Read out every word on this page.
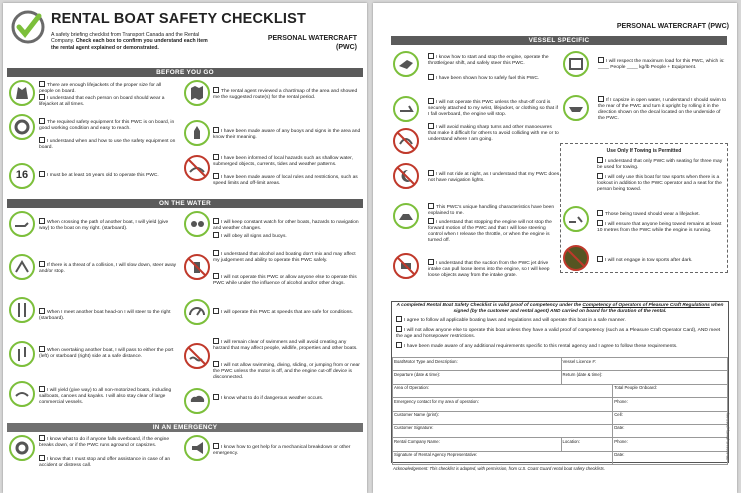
RENTAL BOAT SAFETY CHECKLIST
A safety briefing checklist from Transport Canada and the Rental Company. Check each box to confirm you understand each item the rental agent explained or demonstrated.
PERSONAL WATERCRAFT (PWC)
BEFORE YOU GO
There are enough lifejackets of the proper size for all people on board.
I understand that each person on board should wear a lifejacket at all times.
The required safety equipment for this PWC is on board, in good working condition and easy to reach.
I understand when and how to use the safety equipment on board.
16	I must be at least 16 years old to operate this PWC.
The rental agent reviewed a chart/map of the area and showed me the suggested route(s) for the rental period.
I have been made aware of any buoys and signs in the area and know their meaning.
I have been informed of local hazards such as shallow water, submerged objects, currents, tides and weather patterns.
I have been made aware of local rules and restrictions, such as speed limits and off-limit areas.
ON THE WATER
When crossing the path of another boat, I will yield (give way) to the boat on my right. (starboard).
If there is a threat of a collision, I will slow down, steer away and/or stop.
When I meet another boat head-on I will steer to the right (starboard).
When overtaking another boat, I will pass to either the port (left) or starboard (right) side at a safe distance.
I will yield (give way) to all non-motorized boats, including sailboats, canoes and kayaks. I will also stay clear of large commercial vessels.
I will keep constant watch for other boats, hazards to navigation and weather changes.
I will obey all signs and buoys.
I understand that alcohol and boating don't mix and may affect my judgement and ability to operate this PWC safely.
I will not operate this PWC or allow anyone else to operate this PWC while under the influence of alcohol and/or other drugs.
I will operate this PWC at speeds that are safe for conditions.
I will remain clear of swimmers and will avoid creating any harzard that may affect people, wildlife, properties and other boats.
I will not allow swimming, diving, sliding, or jumping from or near the PWC unless the motor is off, and the engine cut-off device is disconnected.
I know what to do if dangerous weather occurs.
IN AN EMERGENCY
I know what to do if anyone falls overboard, if the engine breaks down, or if the PWC runs aground or capsizes.
I know that I must stop and offer assistance in case of an accident or distress call.
I know how to get help for a mechanical breakdown or other emergency.
PERSONAL WATERCRAFT (PWC)
VESSEL SPECIFIC
I know how to start and stop the engine, operate the throttle/gear shift, and safely steer this PWC.
I have been shown how to safely fuel this PWC.
I will not operate this PWC unless the shut-off cord is securely attached to my wrist, lifejacket, or clothing so that if I fall overboard, the engine will stop.
I will avoid making sharp turns and other manoeuvres that make it difficult for others to avoid colliding with me or to understand where I am going.
I will not ride at night, as I understand that my PWC does not have navigation lights.
This PWC's unique handling characteristics have been explained to me.
I understand that stopping the engine will not stop the forward motion of the PWC and that I will lose steering control when I release the throttle, or when the engine is turned off.
I understand that the suction from the PWC jet drive intake can pull loose items into the engine, so I will keep loose objects away from the intake grate.
I will respect the maximum load for this PWC, which is: ____ People ____ kg/lb People + Equipment.
If I capsize in open water, I understand I should swim to the rear of the PWC and turn it upright by rolling it in the direction shown on the decal located on the underside of the PWC.
Use Only If Towing is Permitted
I understand that only PWC with seating for three may be used for towing.
I will only use this boat for tow sports when there is a lookout in addition to the PWC operator and a seat for the person being towed.
Those being towed should wear a lifejacket.
I will ensure that anyone being towed remains at least 10 metres from the PWC while the engine is running.
I will not engage in tow sports after dark.
A completed Rental Boat Safety Checklist is valid proof of competency under the Competency of Operators of Pleasure Craft Regulations when signed (by the customer and rental agent) AND carried on board for the duration of the rental.
I agree to follow all applicable boating laws and regulations and will operate this boat in a safe manner.
I will not allow anyone else to operate this boat unless they have a valid proof of competency (such as a Pleasure Craft Operator Card), AND meet the age and horsepower restrictions.
I have been made aware of any additional requirements specific to this rental agency and I agree to follow these requirements.
Boat/Motor Type and Description:	Vessel Licence #:	
Departure (date & time):	Return (date & time):	
Area of Operation:		Total People Onboard:
Emergency contact for my area of operation:		Phone:
Customer Name (print):		Cell:
Customer Signature:		Date:
Rental Company Name:	Location:	Phone:
Signature of Rental Agency Representative:		Date:
Acknowledgement: This checklist is adapted, with permission, from U.S. Coast Guard rental boat safety checklists.
TP 15211 E (PWC) (2017-06)
